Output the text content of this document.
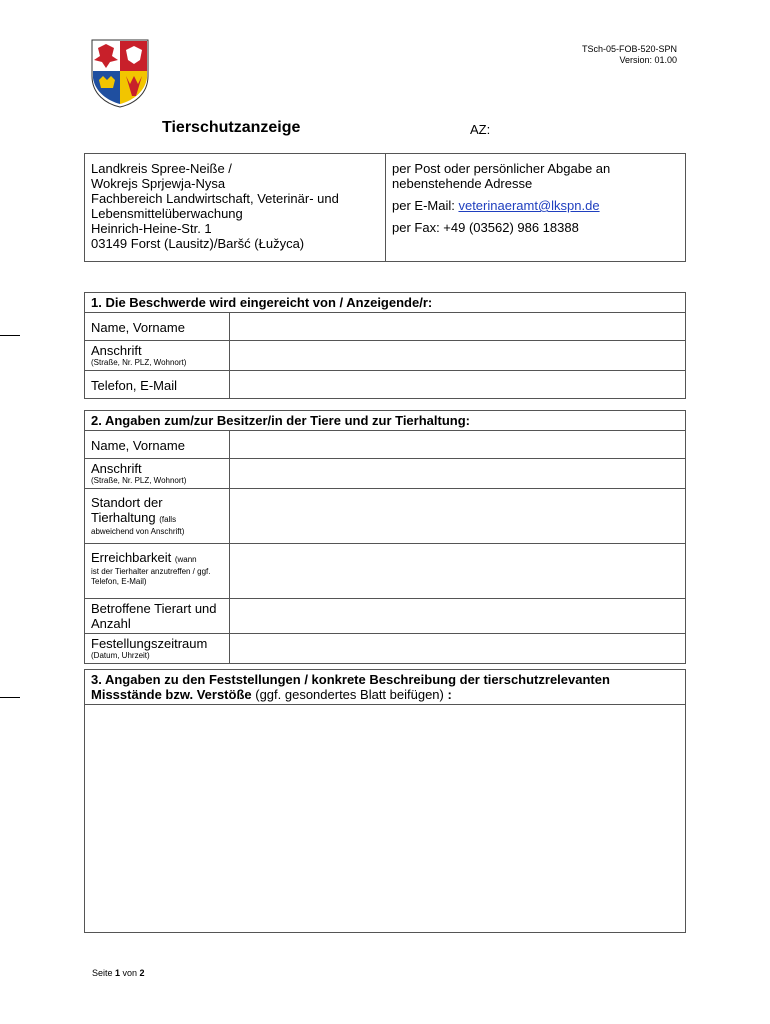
TSch-05-FOB-520-SPN
Version: 01.00
Tierschutzanzeige	AZ:
Landkreis Spree-Neiße /
Wokrejs Sprjewja-Nysa
Fachbereich Landwirtschaft, Veterinär- und
Lebensmittelüberwachung
Heinrich-Heine-Str. 1
03149 Forst (Lausitz)/Baršć (Łužyca)

per Post oder persönlicher Abgabe an nebenstehende Adresse

per E-Mail: veterinaeramt@lkspn.de

per Fax: +49 (03562) 986 18388

1. Die Beschwerde wird eingereicht von / Anzeigende/r:	
Name, Vorname	
Anschrift
(Straße, Nr. PLZ, Wohnort)	

Telefon, E-Mail	
2. Angaben zum/zur Besitzer/in der Tiere und zur Tierhaltung:	
Name, Vorname	
Anschrift
(Straße, Nr. PLZ, Wohnort)	

Standort der Tierhaltung (falls
abweichend von Anschrift)	

Erreichbarkeit (wann
ist der Tierhalter anzutreffen / ggf. Telefon, E-Mail)	

Betroffene Tierart und Anzahl	
Festellungszeitraum
(Datum, Uhrzeit)	

3. Angaben zu den Feststellungen / konkrete Beschreibung der tierschutzrelevanten Missstände bzw. Verstöße (ggf. gesondertes Blatt beifügen) :

Seite 1 von 2
